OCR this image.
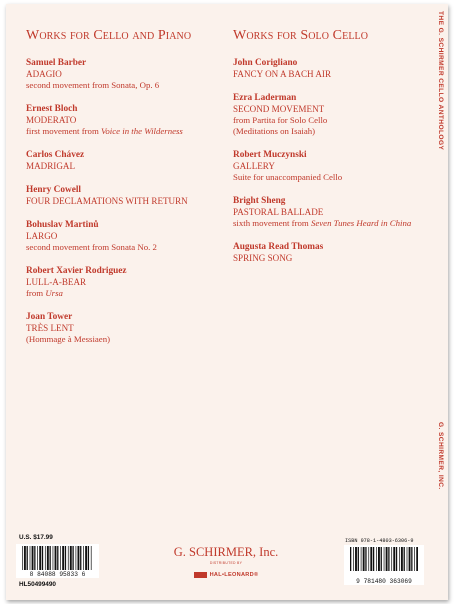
Works for Cello and Piano
Samuel Barber
ADAGIO
second movement from Sonata, Op. 6
Ernest Bloch
MODERATO
first movement from Voice in the Wilderness
Carlos Chávez
MADRIGAL
Henry Cowell
FOUR DECLAMATIONS WITH RETURN
Bohuslav Martinů
LARGO
second movement from Sonata No. 2
Robert Xavier Rodriguez
LULL-A-BEAR
from Ursa
Joan Tower
TRÈS LENT
(Hommage à Messiaen)
Works for Solo Cello
John Corigliano
FANCY ON A BACH AIR
Ezra Laderman
SECOND MOVEMENT
from Partita for Solo Cello
(Meditations on Isaiah)
Robert Muczynski
GALLERY
Suite for unaccompanied Cello
Bright Sheng
PASTORAL BALLADE
sixth movement from Seven Tunes Heard in China
Augusta Read Thomas
SPRING SONG
THE G. SCHIRMER CELLO ANTHOLOGY
G. SCHIRMER, INC.
U.S. $17.99
8 84088 95833 6
HL50499490
G. SCHIRMER, Inc.
DISTRIBUTED BY
HAL•LEONARD®
ISBN 978-1-4803-6306-9
9 781480 363069
